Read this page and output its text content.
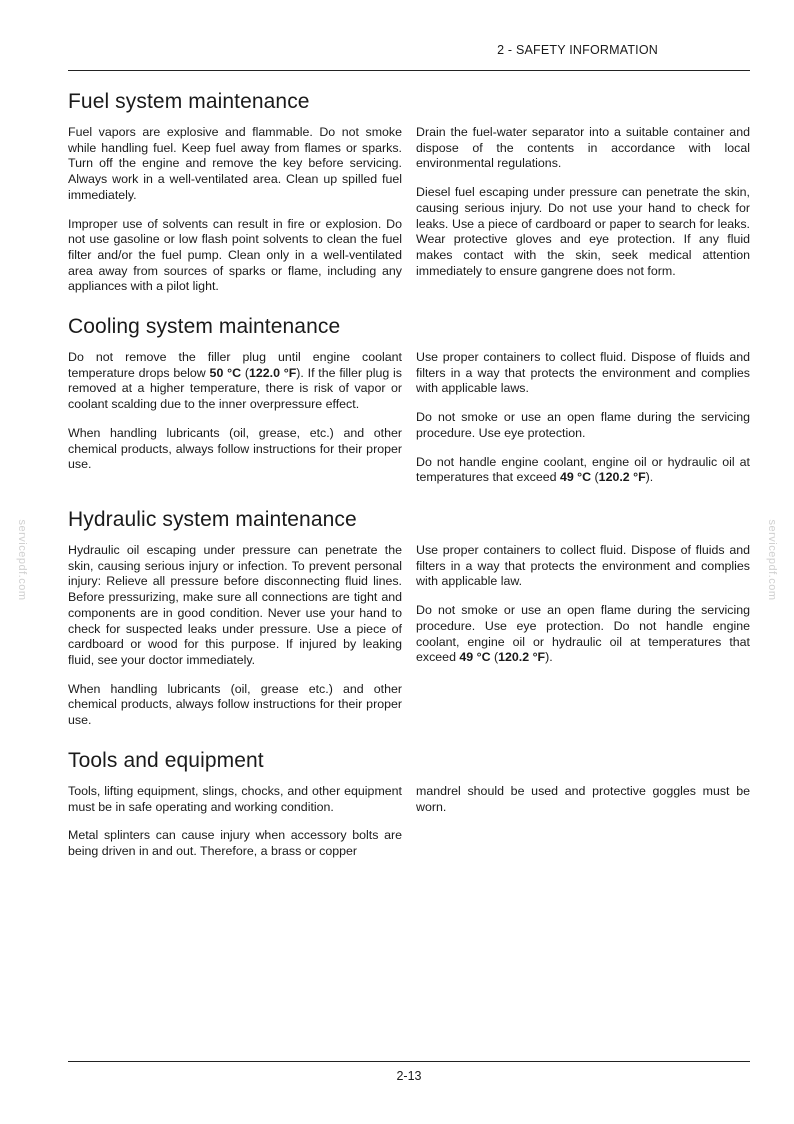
2 - SAFETY INFORMATION
servicepdf.com	servicepdf.com
Fuel system maintenance

Fuel vapors are explosive and flammable. Do not smoke while handling fuel. Keep fuel away from flames or sparks. Turn off the engine and remove the key before servicing. Always work in a well-ventilated area. Clean up spilled fuel immediately.

Improper use of solvents can result in fire or explosion. Do not use gasoline or low flash point solvents to clean the fuel filter and/or the fuel pump. Clean only in a well-ventilated area away from sources of sparks or flame, including any appliances with a pilot light.

Drain the fuel-water separator into a suitable container and dispose of the contents in accordance with local environmental regulations.

Diesel fuel escaping under pressure can penetrate the skin, causing serious injury. Do not use your hand to check for leaks. Use a piece of cardboard or paper to search for leaks. Wear protective gloves and eye protection. If any fluid makes contact with the skin, seek medical attention immediately to ensure gangrene does not form.

Cooling system maintenance

Do not remove the filler plug until engine coolant temperature drops below 50 °C (122.0 °F). If the filler plug is removed at a higher temperature, there is risk of vapor or coolant scalding due to the inner overpressure effect.

When handling lubricants (oil, grease, etc.) and other chemical products, always follow instructions for their proper use.

Use proper containers to collect fluid. Dispose of fluids and filters in a way that protects the environment and complies with applicable laws.

Do not smoke or use an open flame during the servicing procedure. Use eye protection.

Do not handle engine coolant, engine oil or hydraulic oil at temperatures that exceed 49 °C (120.2 °F).

Hydraulic system maintenance

Hydraulic oil escaping under pressure can penetrate the skin, causing serious injury or infection. To prevent personal injury: Relieve all pressure before disconnecting fluid lines. Before pressurizing, make sure all connections are tight and components are in good condition. Never use your hand to check for suspected leaks under pressure. Use a piece of cardboard or wood for this purpose. If injured by leaking fluid, see your doctor immediately.

When handling lubricants (oil, grease etc.) and other chemical products, always follow instructions for their proper use.

Use proper containers to collect fluid. Dispose of fluids and filters in a way that protects the environment and complies with applicable law.

Do not smoke or use an open flame during the servicing procedure. Use eye protection. Do not handle engine coolant, engine oil or hydraulic oil at temperatures that exceed 49 °C (120.2 °F).

Tools and equipment

Tools, lifting equipment, slings, chocks, and other equipment must be in safe operating and working condition.

Metal splinters can cause injury when accessory bolts are being driven in and out. Therefore, a brass or copper

mandrel should be used and protective goggles must be worn.

2-13
